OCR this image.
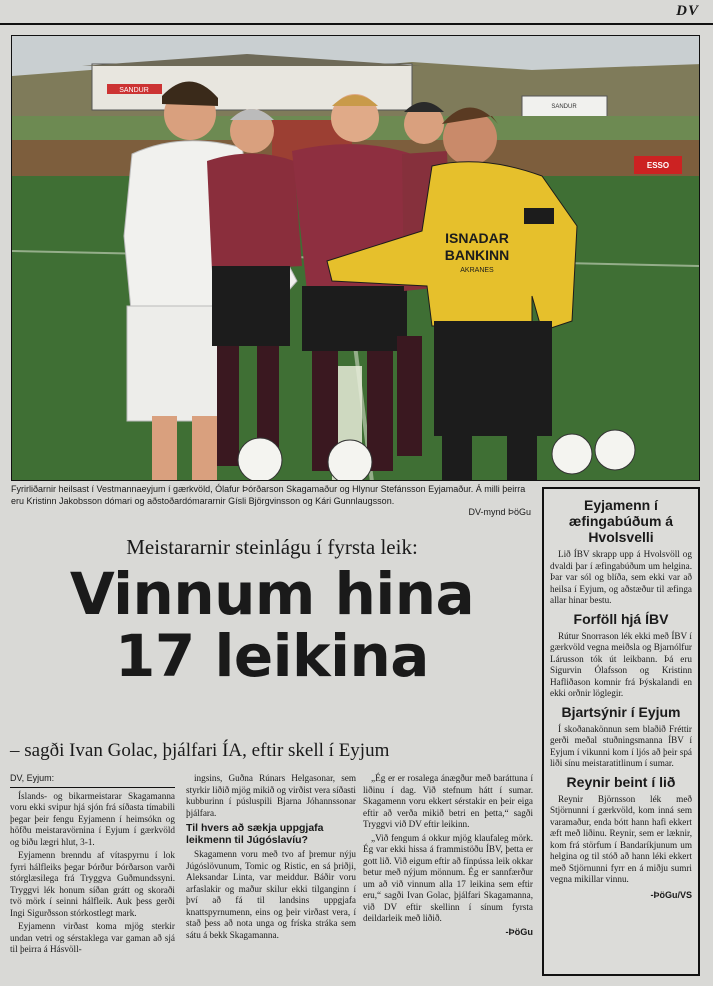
DV
SANDUR
SANDUR
ESSO
ISNADAR
BANKINN
AKRANES
Fyrirliðarnir heilsast í Vestmannaeyjum í gærkvöld, Ólafur Þórðarson Skagamaður og Hlynur Stefánsson Eyjamaður. Á milli þeirra eru Kristinn Jakobsson dómari og aðstoðardómararnir Gísli Björgvinsson og Kári Gunnlaugsson.
DV-mynd ÞöGu
Meistararnir steinlágu í fyrsta leik:
Vinnum hina
17 leikina
– sagði Ivan Golac, þjálfari ÍA, eftir skell í Eyjum

DV, Eyjum:

Íslands- og bikarmeistarar Skagamanna voru ekki svipur hjá sjón frá síðasta tímabili þegar þeir fengu Eyjamenn í heimsókn og höfðu meistaravörnina í Eyjum í gærkvöld og biðu lægri hlut, 3-1.

Eyjamenn brenndu af vítaspyrnu í lok fyrri hálfleiks þegar Þórður Þórðarson varði stórglæsilega frá Tryggva Guðmundssyni. Tryggvi lék honum síðan grátt og skoraði tvö mörk í seinni hálfleik. Auk þess gerði Ingi Sigurðsson stórkostlegt mark.

Eyjamenn virðast koma mjög sterkir undan vetri og sérstaklega var gaman að sjá til þeirra á Hásvöll-

ingsins, Guðna Rúnars Helgasonar, sem styrkir liðið mjög mikið og virðist vera síðasti kubburinn í púsluspili Bjarna Jóhannssonar þjálfara.

Til hvers að sækja uppgjafa leikmenn til Júgóslavíu?

Skagamenn voru með tvo af þremur nýju Júgóslövunum, Tomic og Ristic, en sá þriðji, Aleksandar Linta, var meiddur. Báðir voru arfaslakir og maður skilur ekki tilganginn í því að fá til landsins uppgjafa knattspyrnumenn, eins og þeir virðast vera, í stað þess að nota unga og fríska stráka sem sátu á bekk Skagamanna.

„Ég er er rosalega ánægður með baráttuna í liðinu í dag. Við stefnum hátt í sumar. Skagamenn voru ekkert sérstakir en þeir eiga eftir að verða mikið betri en þetta,“ sagði Tryggvi við DV eftir leikinn.

„Við fengum á okkur mjög klaufaleg mörk. Ég var ekki hissa á frammistöðu ÍBV, þetta er gott lið. Við eigum eftir að fínpússa leik okkar betur með nýjum mönnum. Ég er sannfærður um að við vinnum alla 17 leikina sem eftir eru,“ sagði Ivan Golac, þjálfari Skagamanna, við DV eftir skellinn í sínum fyrsta deildarleik með liðið.

-ÞöGu

Eyjamenn í æfingabúðum á Hvolsvelli

Lið ÍBV skrapp upp á Hvolsvöll og dvaldi þar í æfingabúðum um helgina. Þar var sól og blíða, sem ekki var að heilsa í Eyjum, og aðstæður til æfinga allar hinar bestu.

Forföll hjá ÍBV

Rútur Snorrason lék ekki með ÍBV í gærkvöld vegna meiðsla og Bjarnólfur Lárusson tók út leikbann. Þá eru Sigurvin Ólafsson og Kristinn Hafliðason komnir frá Þýskalandi en ekki orðnir löglegir.

Bjartsýnir í Eyjum

Í skoðanakönnun sem blaðið Fréttir gerði meðal stuðningsmanna ÍBV í Eyjum í vikunni kom í ljós að þeir spá liði sínu meistaratitlinum í sumar.

Reynir beint í lið

Reynir Björnsson lék með Stjörnunni í gærkvöld, kom inná sem varamaður, enda bótt hann hafi ekkert æft með liðinu. Reynir, sem er læknir, kom frá störfum í Bandaríkjunum um helgina og til stóð að hann léki ekkert með Stjörnunni fyrr en á miðju sumri vegna mikillar vinnu.

-ÞöGu/VS
